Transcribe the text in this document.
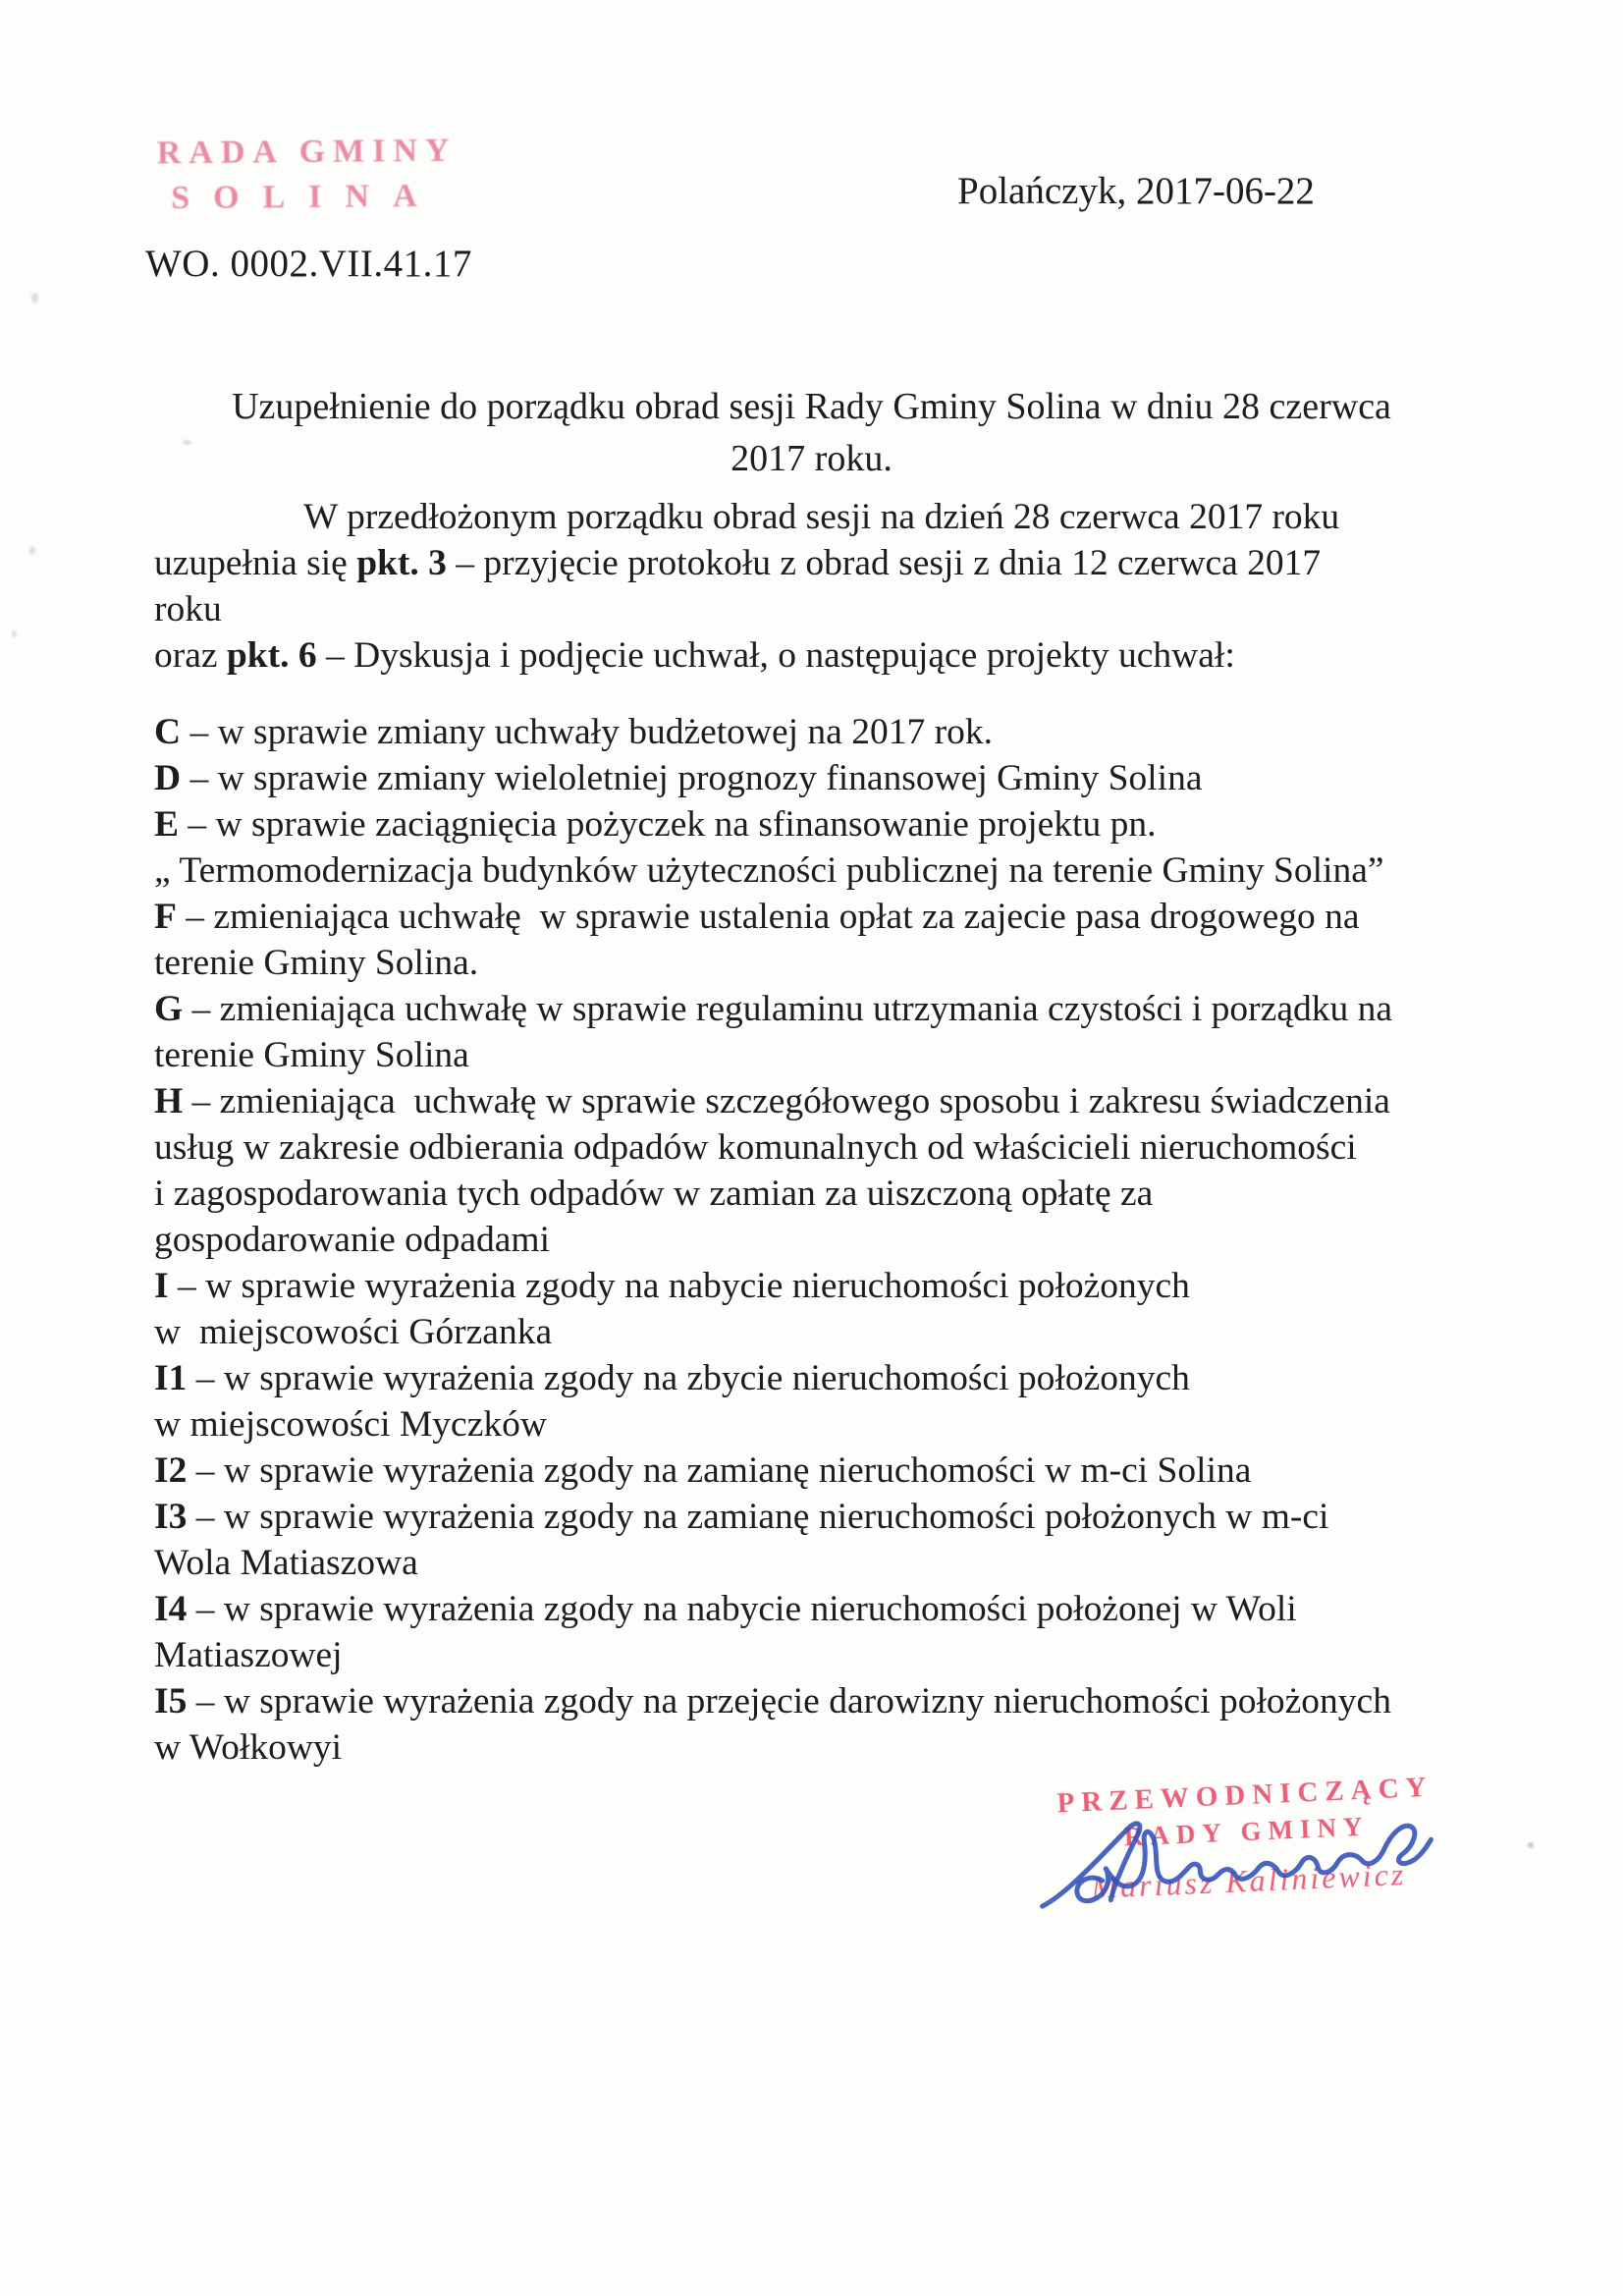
RADA GMINY
SOLINA
WO. 0002.VII.41.17
Polańczyk, 2017-06-22
Uzupełnienie do porządku obrad sesji Rady Gminy Solina w dniu 28 czerwca
2017 roku.
W przedłożonym porządku obrad sesji na dzień 28 czerwca 2017 roku
uzupełnia się pkt. 3 – przyjęcie protokołu z obrad sesji z dnia 12 czerwca 2017
roku
oraz pkt. 6 – Dyskusja i podjęcie uchwał, o następujące projekty uchwał:
C – w sprawie zmiany uchwały budżetowej na 2017 rok.
D – w sprawie zmiany wieloletniej prognozy finansowej Gminy Solina
E – w sprawie zaciągnięcia pożyczek na sfinansowanie projektu pn.
„ Termomodernizacja budynków użyteczności publicznej na terenie Gminy Solina”
F – zmieniająca uchwałę  w sprawie ustalenia opłat za zajecie pasa drogowego na
terenie Gminy Solina.
G – zmieniająca uchwałę w sprawie regulaminu utrzymania czystości i porządku na
terenie Gminy Solina
H – zmieniająca  uchwałę w sprawie szczegółowego sposobu i zakresu świadczenia
usług w zakresie odbierania odpadów komunalnych od właścicieli nieruchomości
i zagospodarowania tych odpadów w zamian za uiszczoną opłatę za
gospodarowanie odpadami
I – w sprawie wyrażenia zgody na nabycie nieruchomości położonych
w  miejscowości Górzanka
I1 – w sprawie wyrażenia zgody na zbycie nieruchomości położonych
w miejscowości Myczków
I2 – w sprawie wyrażenia zgody na zamianę nieruchomości w m-ci Solina
I3 – w sprawie wyrażenia zgody na zamianę nieruchomości położonych w m-ci
Wola Matiaszowa
I4 – w sprawie wyrażenia zgody na nabycie nieruchomości położonej w Woli
Matiaszowej
I5 – w sprawie wyrażenia zgody na przejęcie darowizny nieruchomości położonych
w Wołkowyi
PRZEWODNICZĄCY
RADY GMINY
Mariusz Kaliniewicz
